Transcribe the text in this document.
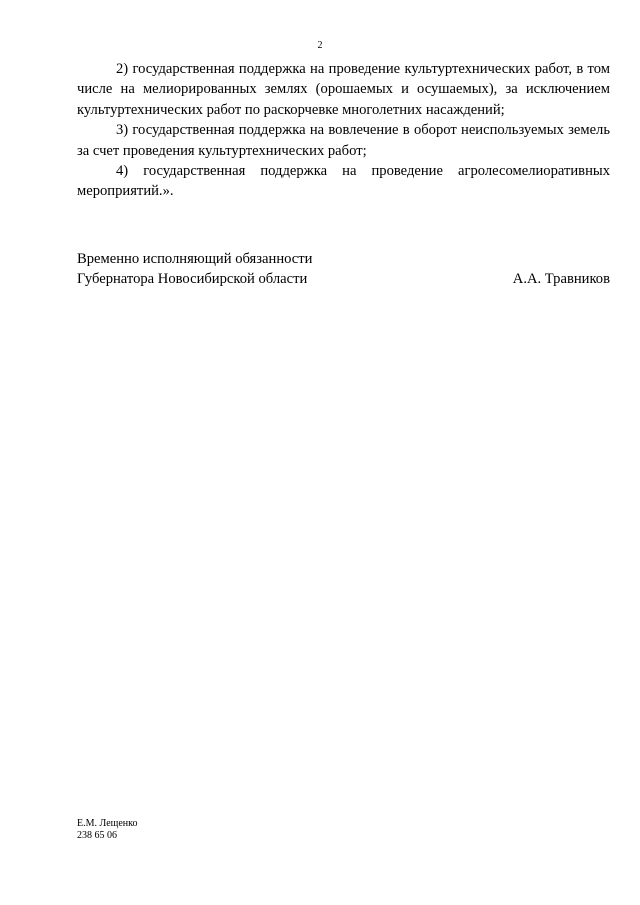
2

2) государственная поддержка на проведение культуртехнических работ, в том числе на мелиорированных землях (орошаемых и осушаемых), за исключением культуртехнических работ по раскорчевке многолетних насаждений;

3) государственная поддержка на вовлечение в оборот неиспользуемых земель за счет проведения культуртехнических работ;

4) государственная поддержка на проведение агролесомелиоративных мероприятий.».

Временно исполняющий обязанности
Губернатора Новосибирской области	А.А. Травников
Е.М. Лещенко
238 65 06
